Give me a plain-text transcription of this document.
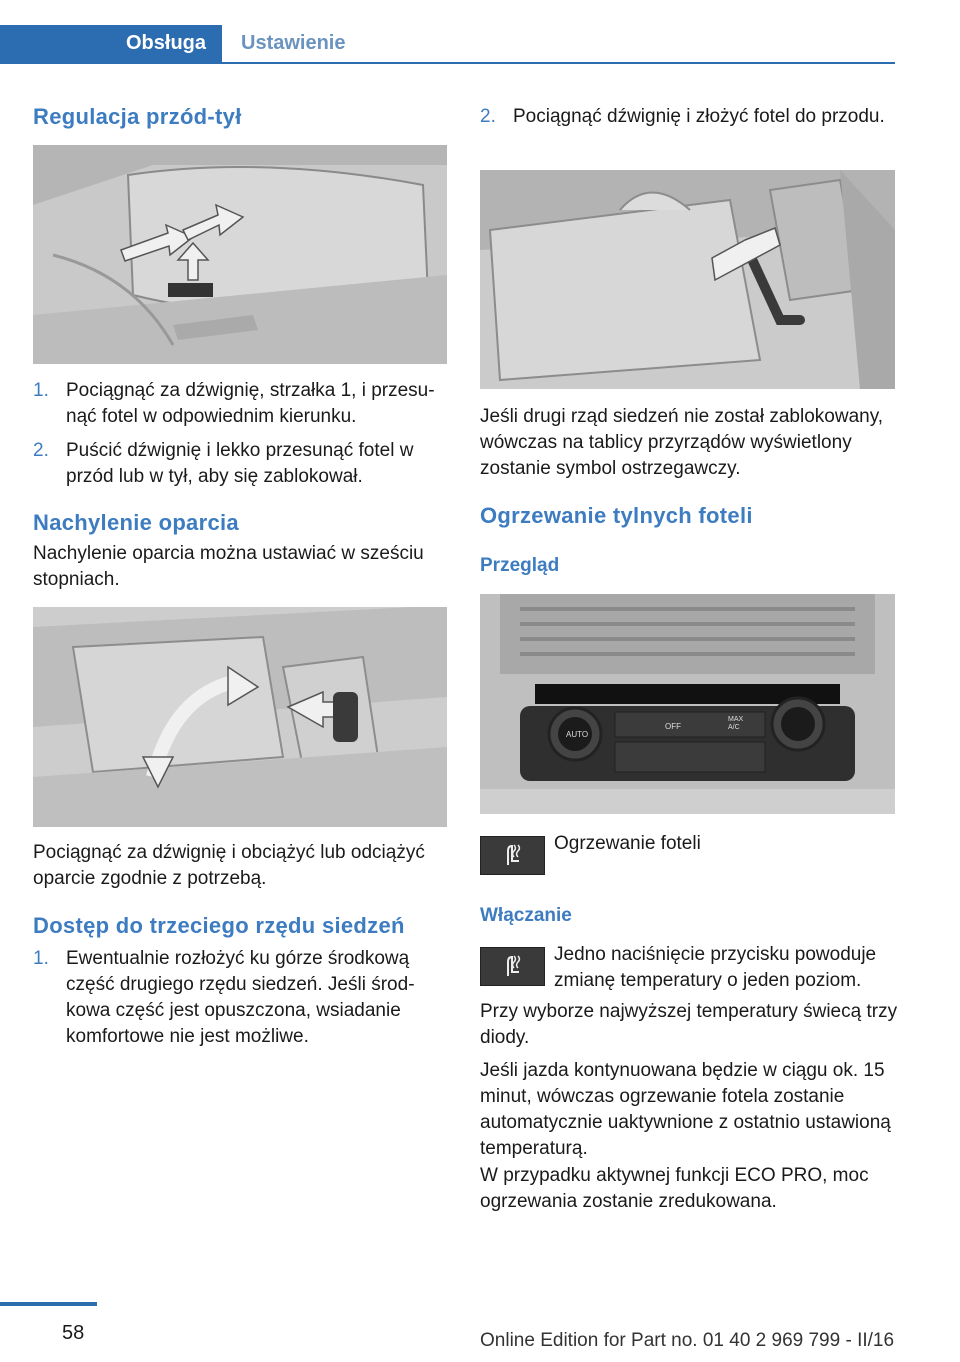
Obsługa	Ustawienie
Regulacja przód-tył
1. Pociągnąć za dźwignię, strzałka 1, i przesunąć fotel w odpowiednim kierunku.
2. Puścić dźwignię i lekko przesunąć fotel w przód lub w tył, aby się zablokował.
Nachylenie oparcia
Nachylenie oparcia można ustawiać w sześciu stopniach.
Pociągnąć za dźwignię i obciążyć lub odciążyć oparcie zgodnie z potrzebą.
Dostęp do trzeciego rzędu siedzeń
1. Ewentualnie rozłożyć ku górze środkową część drugiego rzędu siedzeń. Jeśli środkowa część jest opuszczona, wsiadanie komfortowe nie jest możliwe.
2. Pociągnąć dźwignię i złożyć fotel do przodu.
Jeśli drugi rząd siedzeń nie został zablokowany, wówczas na tablicy przyrządów wyświetlony zostanie symbol ostrzegawczy.
Ogrzewanie tylnych foteli
Przegląd
AUTO
OFF
MAX A/C
Ogrzewanie foteli
Włączanie
Jedno naciśnięcie przycisku powoduje zmianę temperatury o jeden poziom.
Przy wyborze najwyższej temperatury świecą trzy diody.
Jeśli jazda kontynuowana będzie w ciągu ok. 15 minut, wówczas ogrzewanie fotela zostanie automatycznie uaktywnione z ostatnio ustawioną temperaturą.
W przypadku aktywnej funkcji ECO PRO, moc ogrzewania zostanie zredukowana.
58	Online Edition for Part no. 01 40 2 969 799 - II/16
